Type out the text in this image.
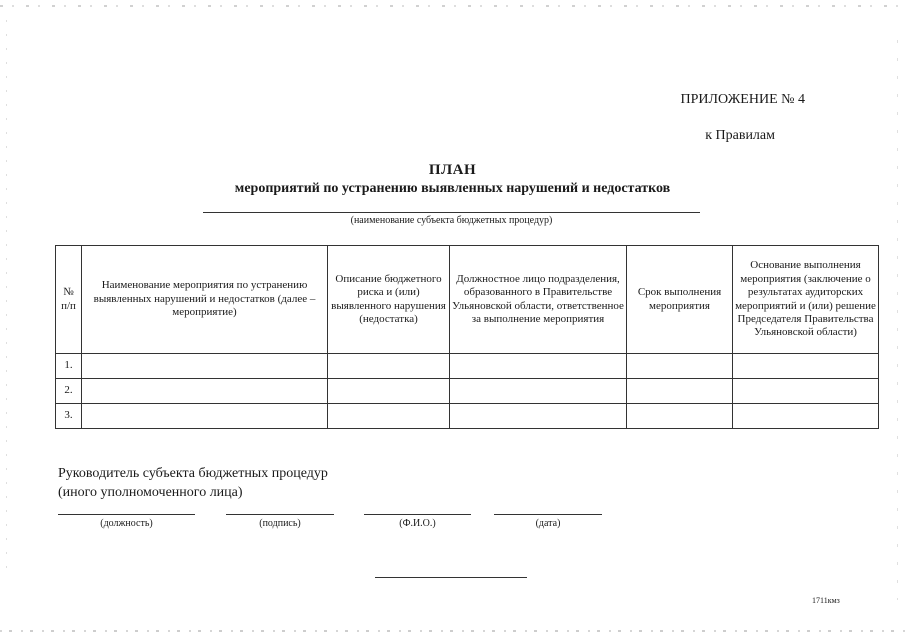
ПРИЛОЖЕНИЕ № 4
к Правилам
ПЛАН
мероприятий по устранению выявленных нарушений и недостатков
(наименование субъекта бюджетных процедур)
№ п/п	Наименование мероприятия по устранению выявленных нарушений и недостатков (далее – мероприятие)	Описание бюджетного риска и (или) выявленного нарушения (недостатка)	Должностное лицо подразделения, образованного в Правительстве Ульяновской области, ответственное за выполнение мероприятия	Срок выполнения мероприятия	Основание выполнения мероприятия (заключение о результатах аудиторских мероприятий и (или) решение Председателя Правительства Ульяновской области)
1.					
2.					
3.					
Руководитель субъекта бюджетных процедур
(иного уполномоченного лица)
(должность)	(подпись)	(Ф.И.О.)	(дата)
1711кмз
